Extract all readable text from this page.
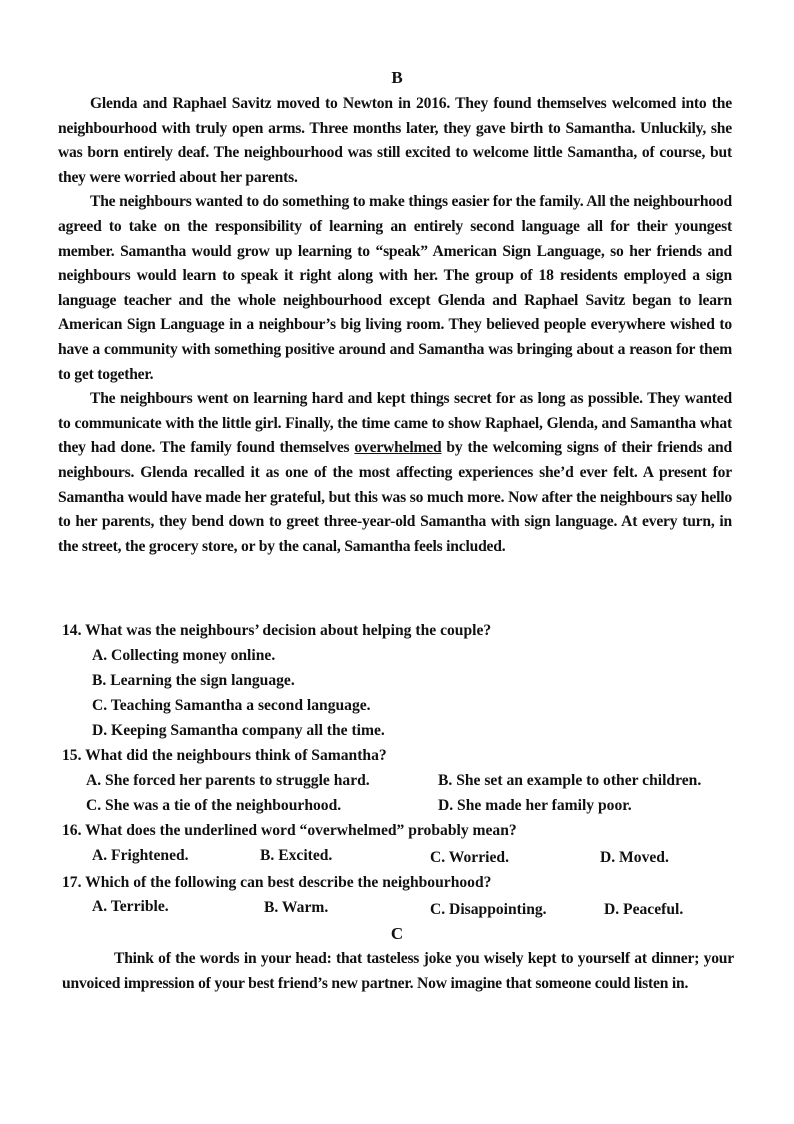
B

Glenda and Raphael Savitz moved to Newton in 2016. They found themselves welcomed into the neighbourhood with truly open arms. Three months later, they gave birth to Samantha. Unluckily, she was born entirely deaf. The neighbourhood was still excited to welcome little Samantha, of course, but they were worried about her parents.

The neighbours wanted to do something to make things easier for the family. All the neighbourhood agreed to take on the responsibility of learning an entirely second language all for their youngest member. Samantha would grow up learning to “speak” American Sign Language, so her friends and neighbours would learn to speak it right along with her. The group of 18 residents employed a sign language teacher and the whole neighbourhood except Glenda and Raphael Savitz began to learn American Sign Language in a neighbour’s big living room. They believed people everywhere wished to have a community with something positive around and Samantha was bringing about a reason for them to get together.

The neighbours went on learning hard and kept things secret for as long as possible. They wanted to communicate with the little girl. Finally, the time came to show Raphael, Glenda, and Samantha what they had done. The family found themselves overwhelmed by the welcoming signs of their friends and neighbours. Glenda recalled it as one of the most affecting experiences she’d ever felt. A present for Samantha would have made her grateful, but this was so much more. Now after the neighbours say hello to her parents, they bend down to greet three-year-old Samantha with sign language. At every turn, in the street, the grocery store, or by the canal, Samantha feels included.

14. What was the neighbours’ decision about helping the couple?
A. Collecting money online.
B. Learning the sign language.
C. Teaching Samantha a second language.
D. Keeping Samantha company all the time.
15. What did the neighbours think of Samantha?
A. She forced her parents to struggle hard.	B. She set an example to other children.
C. She was a tie of the neighbourhood.	D. She made her family poor.
16. What does the underlined word “overwhelmed” probably mean?
A. Frightened.	B. Excited.	C. Worried.	D. Moved.
17. Which of the following can best describe the neighbourhood?
A. Terrible.	B. Warm.	C. Disappointing.	D. Peaceful.
C

Think of the words in your head: that tasteless joke you wisely kept to yourself at dinner; your unvoiced impression of your best friend’s new partner. Now imagine that someone could listen in.
